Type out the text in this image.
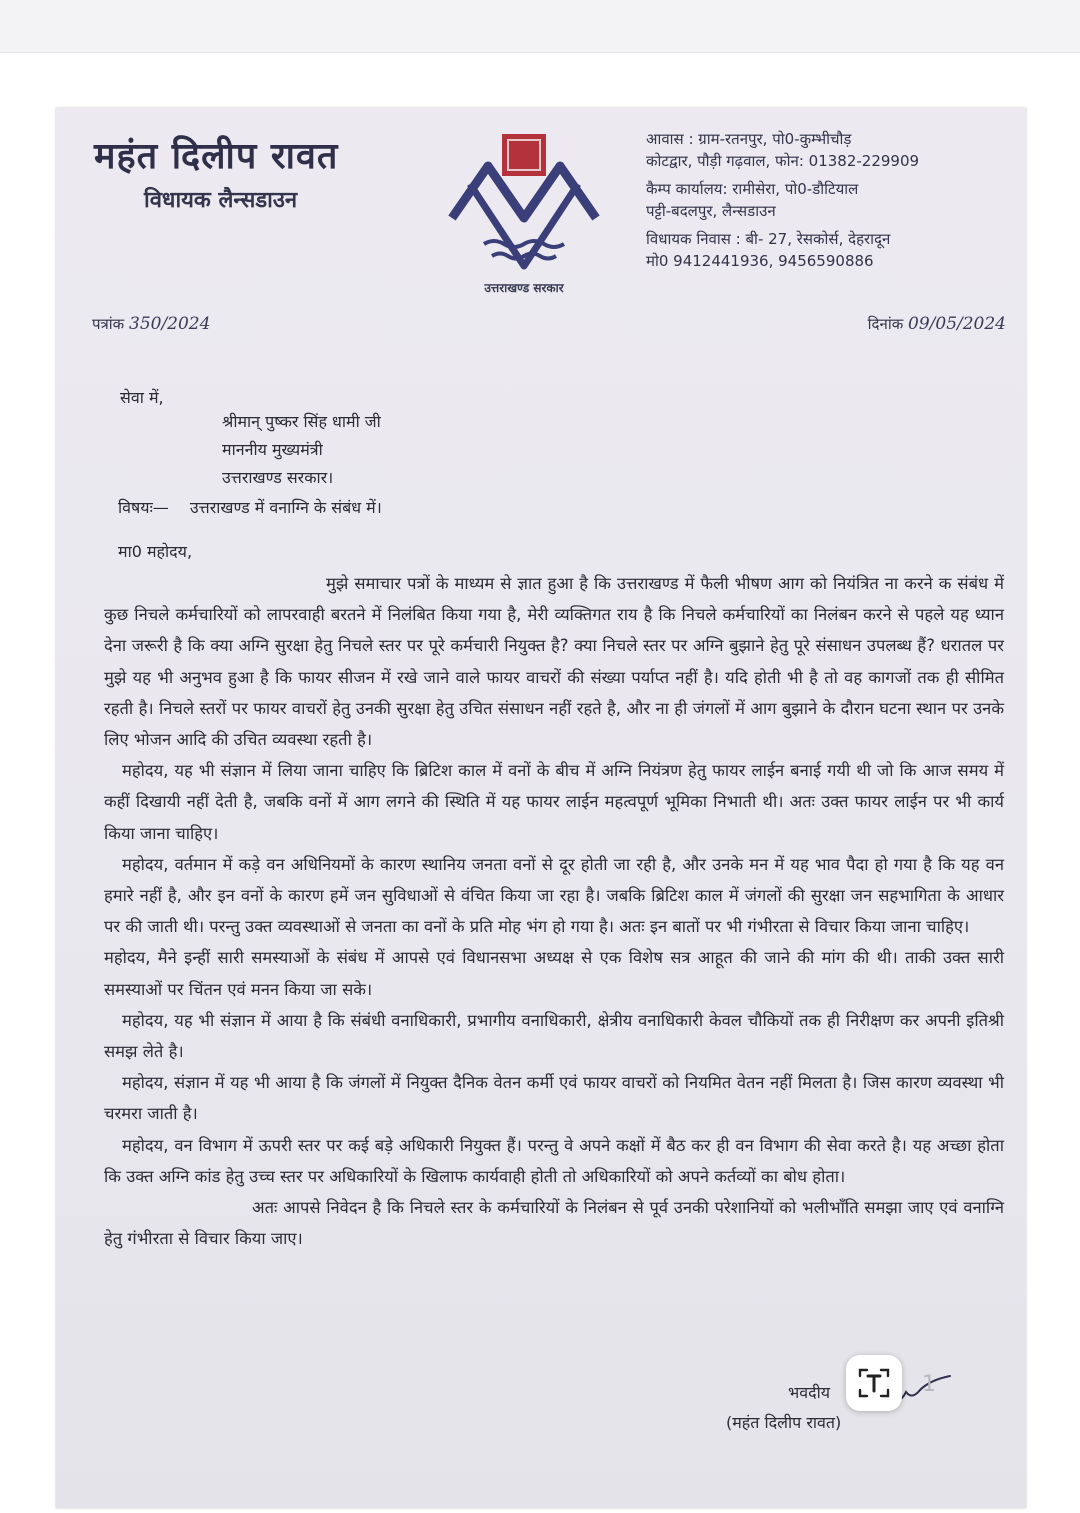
महंत दिलीप रावत
विधायक लैन्सडाउन
उत्तराखण्ड सरकार
आवास : ग्राम-रतनपुर, पो0-कुम्भीचौड़
कोटद्वार, पौड़ी गढ़वाल, फोन: 01382-229909
कैम्प कार्यालय: रामीसेरा, पो0-डौटियाल
पट्टी-बदलपुर, लैन्सडाउन
विधायक निवास : बी- 27, रेसकोर्स, देहरादून
मो0 9412441936, 9456590886
पत्रांक 350/2024	दिनांक 09/05/2024
सेवा में,
श्रीमान् पुष्कर सिंह धामी जी
माननीय मुख्यमंत्री
उत्तराखण्ड सरकार।
विषयः— उत्तराखण्ड में वनाग्नि के संबंध में।
मा0 महोदय,

मुझे समाचार पत्रों के माध्यम से ज्ञात हुआ है कि उत्तराखण्ड में फैली भीषण आग को नियंत्रित ना करने क संबंध में कुछ निचले कर्मचारियों को लापरवाही बरतने में निलंबित किया गया है, मेरी व्यक्तिगत राय है कि निचले कर्मचारियों का निलंबन करने से पहले यह ध्यान देना जरूरी है कि क्या अग्नि सुरक्षा हेतु निचले स्तर पर पूरे कर्मचारी नियुक्त है? क्या निचले स्तर पर अग्नि बुझाने हेतु पूरे संसाधन उपलब्ध हैं? धरातल पर मुझे यह भी अनुभव हुआ है कि फायर सीजन में रखे जाने वाले फायर वाचरों की संख्या पर्याप्त नहीं है। यदि होती भी है तो वह कागजों तक ही सीमित रहती है। निचले स्तरों पर फायर वाचरों हेतु उनकी सुरक्षा हेतु उचित संसाधन नहीं रहते है, और ना ही जंगलों में आग बुझाने के दौरान घटना स्थान पर उनके लिए भोजन आदि की उचित व्यवस्था रहती है।

महोदय, यह भी संज्ञान में लिया जाना चाहिए कि ब्रिटिश काल में वनों के बीच में अग्नि नियंत्रण हेतु फायर लाईन बनाई गयी थी जो कि आज समय में कहीं दिखायी नहीं देती है, जबकि वनों में आग लगने की स्थिति में यह फायर लाईन महत्वपूर्ण भूमिका निभाती थी। अतः उक्त फायर लाईन पर भी कार्य किया जाना चाहिए।

महोदय, वर्तमान में कड़े वन अधिनियमों के कारण स्थानिय जनता वनों से दूर होती जा रही है, और उनके मन में यह भाव पैदा हो गया है कि यह वन हमारे नहीं है, और इन वनों के कारण हमें जन सुविधाओं से वंचित किया जा रहा है। जबकि ब्रिटिश काल में जंगलों की सुरक्षा जन सहभागिता के आधार पर की जाती थी। परन्तु उक्त व्यवस्थाओं से जनता का वनों के प्रति मोह भंग हो गया है। अतः इन बातों पर भी गंभीरता से विचार किया जाना चाहिए।

महोदय, मैने इन्हीं सारी समस्याओं के संबंध में आपसे एवं विधानसभा अध्यक्ष से एक विशेष सत्र आहूत की जाने की मांग की थी। ताकी उक्त सारी समस्याओं पर चिंतन एवं मनन किया जा सके।

महोदय, यह भी संज्ञान में आया है कि संबंधी वनाधिकारी, प्रभागीय वनाधिकारी, क्षेत्रीय वनाधिकारी केवल चौकियों तक ही निरीक्षण कर अपनी इतिश्री समझ लेते है।

महोदय, संज्ञान में यह भी आया है कि जंगलों में नियुक्त दैनिक वेतन कर्मी एवं फायर वाचरों को नियमित वेतन नहीं मिलता है। जिस कारण व्यवस्था भी चरमरा जाती है।

महोदय, वन विभाग में ऊपरी स्तर पर कई बड़े अधिकारी नियुक्त हैं। परन्तु वे अपने कक्षों में बैठ कर ही वन विभाग की सेवा करते है। यह अच्छा होता कि उक्त अग्नि कांड हेतु उच्च स्तर पर अधिकारियों के खिलाफ कार्यवाही होती तो अधिकारियों को अपने कर्तव्यों का बोध होता।

अतः आपसे निवेदन है कि निचले स्तर के कर्मचारियों के निलंबन से पूर्व उनकी परेशानियों को भलीभाँति समझा जाए एवं वनाग्नि हेतु गंभीरता से विचार किया जाए।

भवदीय
(महंत दिलीप रावत)
1
